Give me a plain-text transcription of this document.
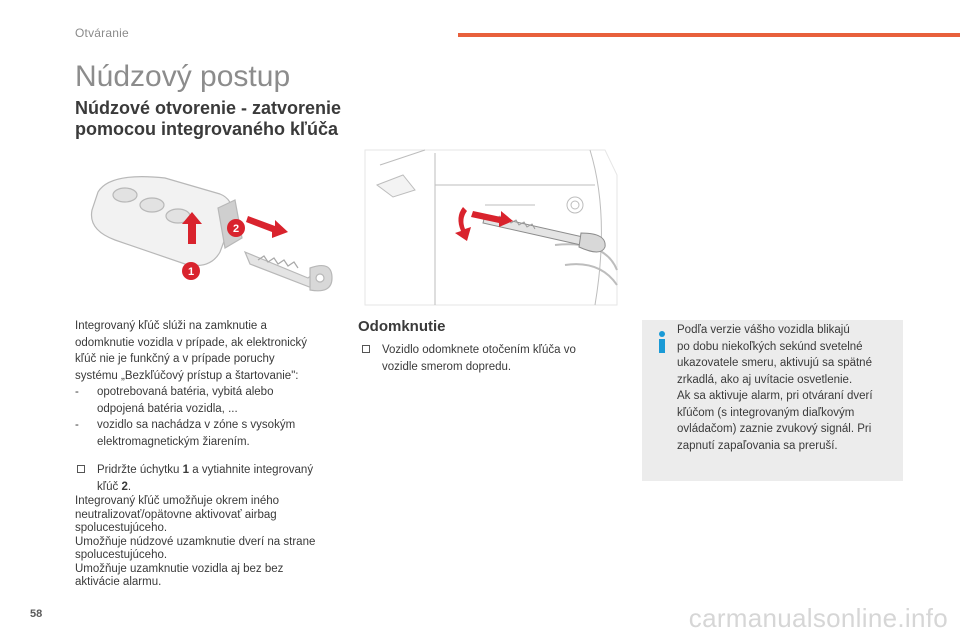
Otváranie
Núdzový postup
Núdzové otvorenie - zatvorenie
pomocou integrovaného kľúča
2
1

Integrovaný kľúč slúži na zamknutie a

odomknutie vozidla v prípade, ak elektronický

kľúč nie je funkčný a v prípade poruchy

systému „Bezkľúčový prístup a štartovanie":

- opotrebovaná batéria, vybitá alebo

odpojená batéria vozidla, ...

- vozidlo sa nachádza v zóne s vysokým

elektromagnetickým žiarením.

Pridržte úchytku 1 a vytiahnite integrovaný

kľúč 2.

Integrovaný kľúč umožňuje okrem iného

neutralizovať/opätovne aktivovať airbag

spolucestujúceho.

Umožňuje núdzové uzamknutie dverí na strane

spolucestujúceho.

Umožňuje uzamknutie vozidla aj bez bez

aktivácie alarmu.

Odomknutie
Vozidlo odomknete otočením kľúča vo
vozidle smerom dopredu.

Podľa verzie vášho vozidla blikajú

po dobu niekoľkých sekúnd svetelné

ukazovatele smeru, aktivujú sa spätné

zrkadlá, ako aj uvítacie osvetlenie.

Ak sa aktivuje alarm, pri otváraní dverí

kľúčom (s integrovaným diaľkovým

ovládačom) zaznie zvukový signál. Pri

zapnutí zapaľovania sa preruší.

58	carmanualsonline.info
